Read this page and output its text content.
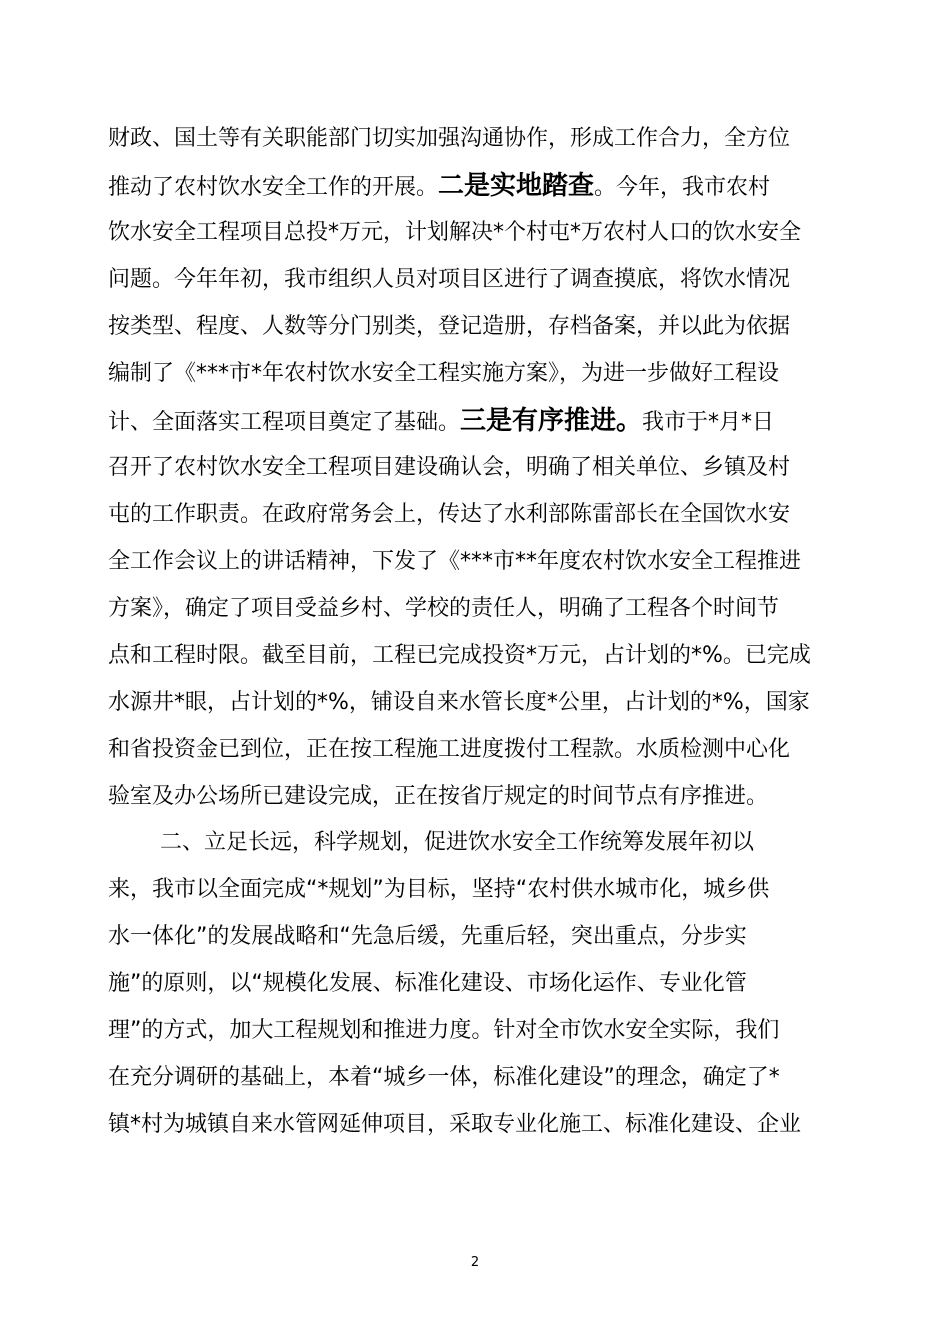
财政、国土等有关职能部门切实加强沟通协作，形成工作合力，全方位
推动了农村饮水安全工作的开展。二是实地踏查。今年，我市农村
饮水安全工程项目总投*万元，计划解决*个村屯*万农村人口的饮水安全
问题。今年年初，我市组织人员对项目区进行了调查摸底，将饮水情况
按类型、程度、人数等分门别类，登记造册，存档备案，并以此为依据
编制了《***市*年农村饮水安全工程实施方案》，为进一步做好工程设
计、全面落实工程项目奠定了基础。三是有序推进。我市于*月*日
召开了农村饮水安全工程项目建设确认会，明确了相关单位、乡镇及村
屯的工作职责。在政府常务会上，传达了水利部陈雷部长在全国饮水安
全工作会议上的讲话精神，下发了《***市**年度农村饮水安全工程推进
方案》，确定了项目受益乡村、学校的责任人，明确了工程各个时间节
点和工程时限。截至目前，工程已完成投资*万元，占计划的*%。已完成
水源井*眼，占计划的*%，铺设自来水管长度*公里，占计划的*%，国家
和省投资金已到位，正在按工程施工进度拨付工程款。水质检测中心化
验室及办公场所已建设完成，正在按省厅规定的时间节点有序推进。
二、立足长远，科学规划，促进饮水安全工作统筹发展年初以
来，我市以全面完成“*规划”为目标，坚持“农村供水城市化，城乡供
水一体化”的发展战略和“先急后缓，先重后轻，突出重点，分步实
施”的原则，以“规模化发展、标准化建设、市场化运作、专业化管
理”的方式，加大工程规划和推进力度。针对全市饮水安全实际，我们
在充分调研的基础上，本着“城乡一体，标准化建设”的理念，确定了*
镇*村为城镇自来水管网延伸项目，采取专业化施工、标准化建设、企业
2
